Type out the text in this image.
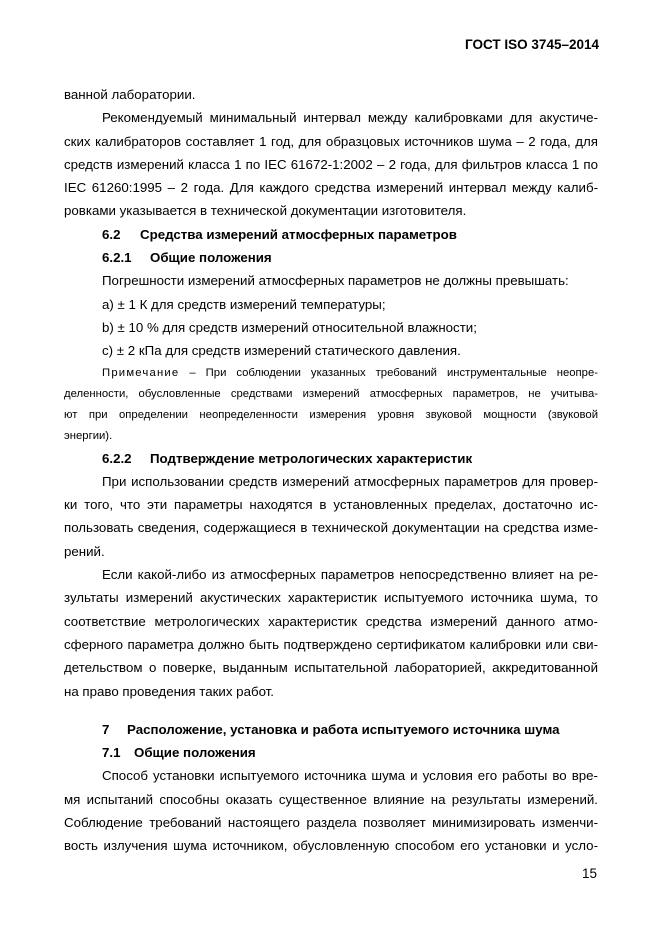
ГОСТ ISO 3745–2014
ванной лаборатории.
Рекомендуемый минимальный интервал между калибровками для акустиче-
ских калибраторов составляет 1 год, для образцовых источников шума – 2 года, для
средств измерений класса 1 по IEC 61672-1:2002 – 2 года, для фильтров класса 1 по
IEC 61260:1995 – 2 года. Для каждого средства измерений интервал между калиб-
ровками указывается в технической документации изготовителя.
6.2 Средства измерений атмосферных параметров
6.2.1 Общие положения
Погрешности измерений атмосферных параметров не должны превышать:
а) ± 1 К для средств измерений температуры;
b) ± 10 % для средств измерений относительной влажности;
c) ± 2 кПа для средств измерений статического давления.
Примечание – При соблюдении указанных требований инструментальные неопре-
деленности, обусловленные средствами измерений атмосферных параметров, не учитыва-
ют при определении неопределенности измерения уровня звуковой мощности (звуковой
энергии).
6.2.2 Подтверждение метрологических характеристик
При использовании средств измерений атмосферных параметров для провер-
ки того, что эти параметры находятся в установленных пределах, достаточно ис-
пользовать сведения, содержащиеся в технической документации на средства изме-
рений.
Если какой-либо из атмосферных параметров непосредственно влияет на ре-
зультаты измерений акустических характеристик испытуемого источника шума, то
соответствие метрологических характеристик средства измерений данного атмо-
сферного параметра должно быть подтверждено сертификатом калибровки или сви-
детельством о поверке, выданным испытательной лабораторией, аккредитованной
на право проведения таких работ.
7 Расположение, установка и работа испытуемого источника шума
7.1 Общие положения
Способ установки испытуемого источника шума и условия его работы во вре-
мя испытаний способны оказать существенное влияние на результаты измерений.
Соблюдение требований настоящего раздела позволяет минимизировать изменчи-
вость излучения шума источником, обусловленную способом его установки и усло-
15
